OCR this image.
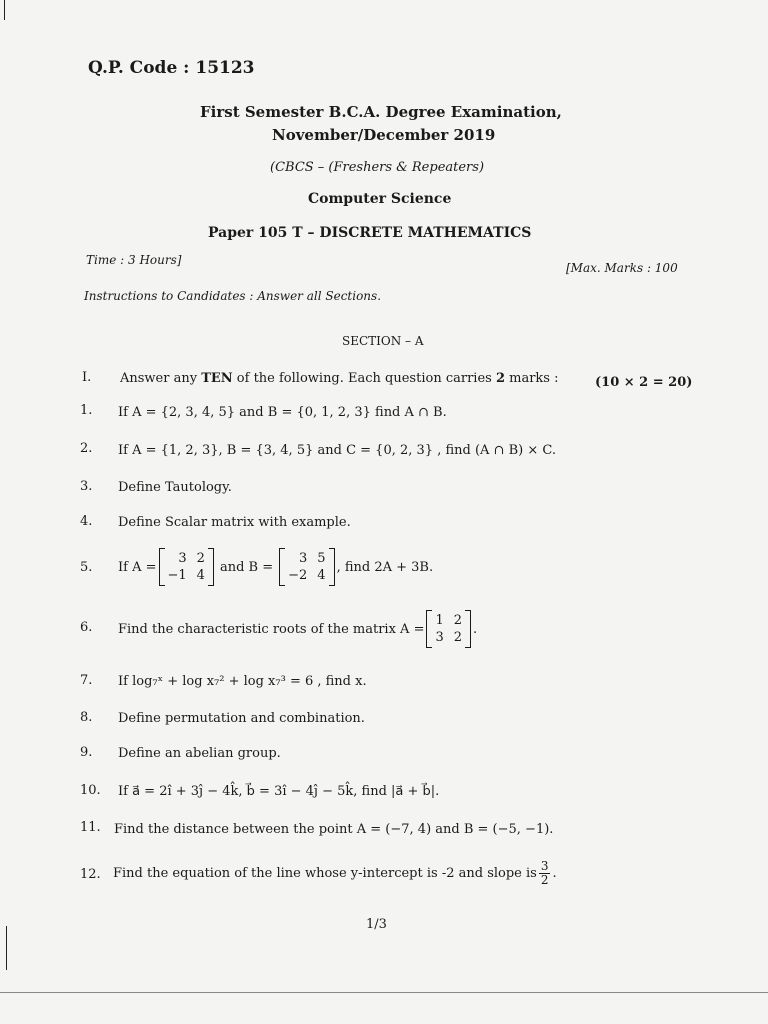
Q.P. Code : 15123
First Semester B.C.A. Degree Examination,
November/December 2019
(CBCS – (Freshers & Repeaters)
Computer Science
Paper 105 T – DISCRETE MATHEMATICS
Time : 3 Hours]
[Max. Marks : 100
Instructions to Candidates : Answer all Sections.
SECTION – A
I. Answer any TEN of the following. Each question carries 2 marks :	(10 × 2 = 20)
1. If A = {2, 3, 4, 5} and B = {0, 1, 2, 3} find A ∩ B.
2. If A = {1, 2, 3}, B = {3, 4, 5} and C = {0, 2, 3} , find (A ∩ B) × C.
3. Define Tautology.
4. Define Scalar matrix with example.
5. If A =
3 2
−1 4
and B =
3 5
−2 4
, find 2A + 3B.
6. Find the characteristic roots of the matrix A =
1 2
3 2
.
7. If log₇ˣ + log x₇² + log x₇³ = 6 , find x.
8. Define permutation and combination.
9. Define an abelian group.
10. If a⃗ = 2î + 3ĵ − 4k̂, b⃗ = 3î − 4ĵ − 5k̂, find |a⃗ + b⃗|.
11. Find the distance between the point A = (−7, 4) and B = (−5, −1).
12. Find the equation of the line whose y-intercept is -2 and slope is $\frac{3}{2}$ .
1/3
